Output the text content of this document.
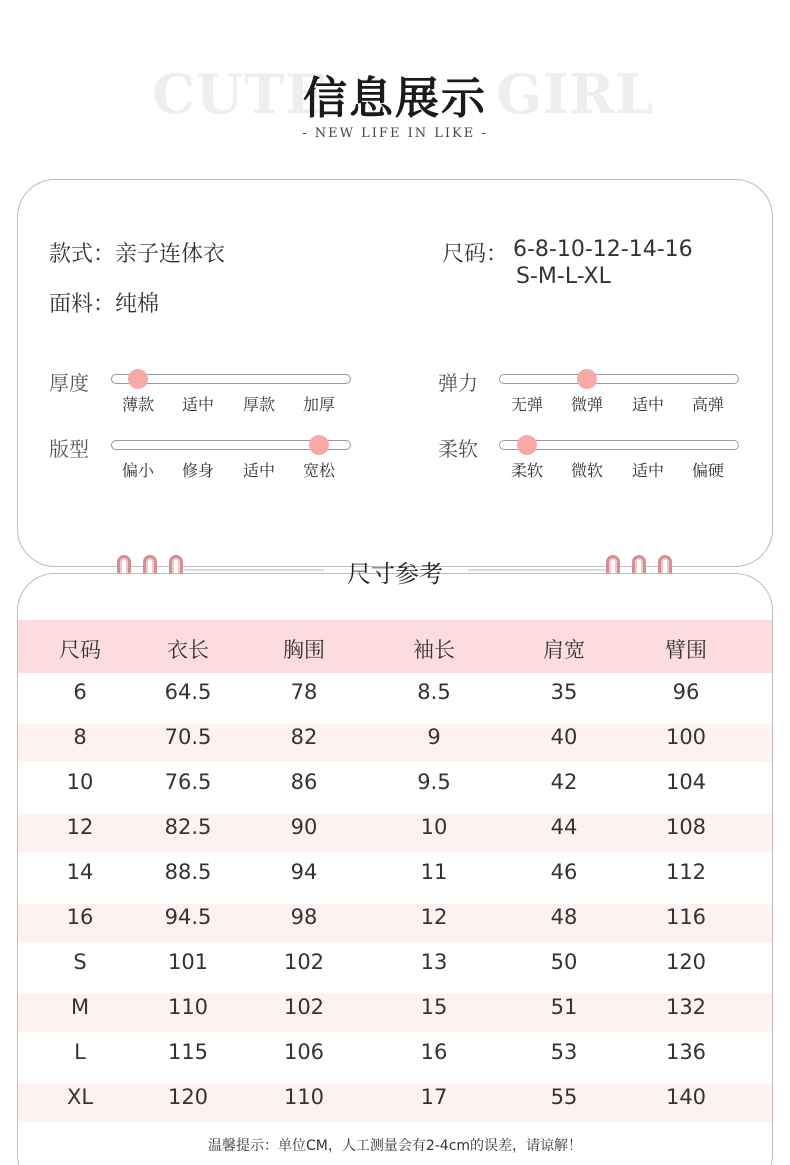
CUTE	GIRL
信息展示
- NEW LIFE IN LIKE -
款式：亲子连体衣
面料：纯棉
尺码： 6-8-10-12-14-16
S-M-L-XL
厚度
薄款	适中	厚款	加厚
弹力
无弹	微弹	适中	高弹
版型
偏小	修身	适中	宽松
柔软
柔软	微软	适中	偏硬
尺寸参考
尺码	衣长	胸围	袖长	肩宽	臂围
6	64.5	78	8.5	35	96
8	70.5	82	9	40	100
10	76.5	86	9.5	42	104
12	82.5	90	10	44	108
14	88.5	94	11	46	112
16	94.5	98	12	48	116
S	101	102	13	50	120
M	110	102	15	51	132
L	115	106	16	53	136
XL	120	110	17	55	140
温馨提示：单位CM，人工测量会有2-4cm的误差，请谅解！
